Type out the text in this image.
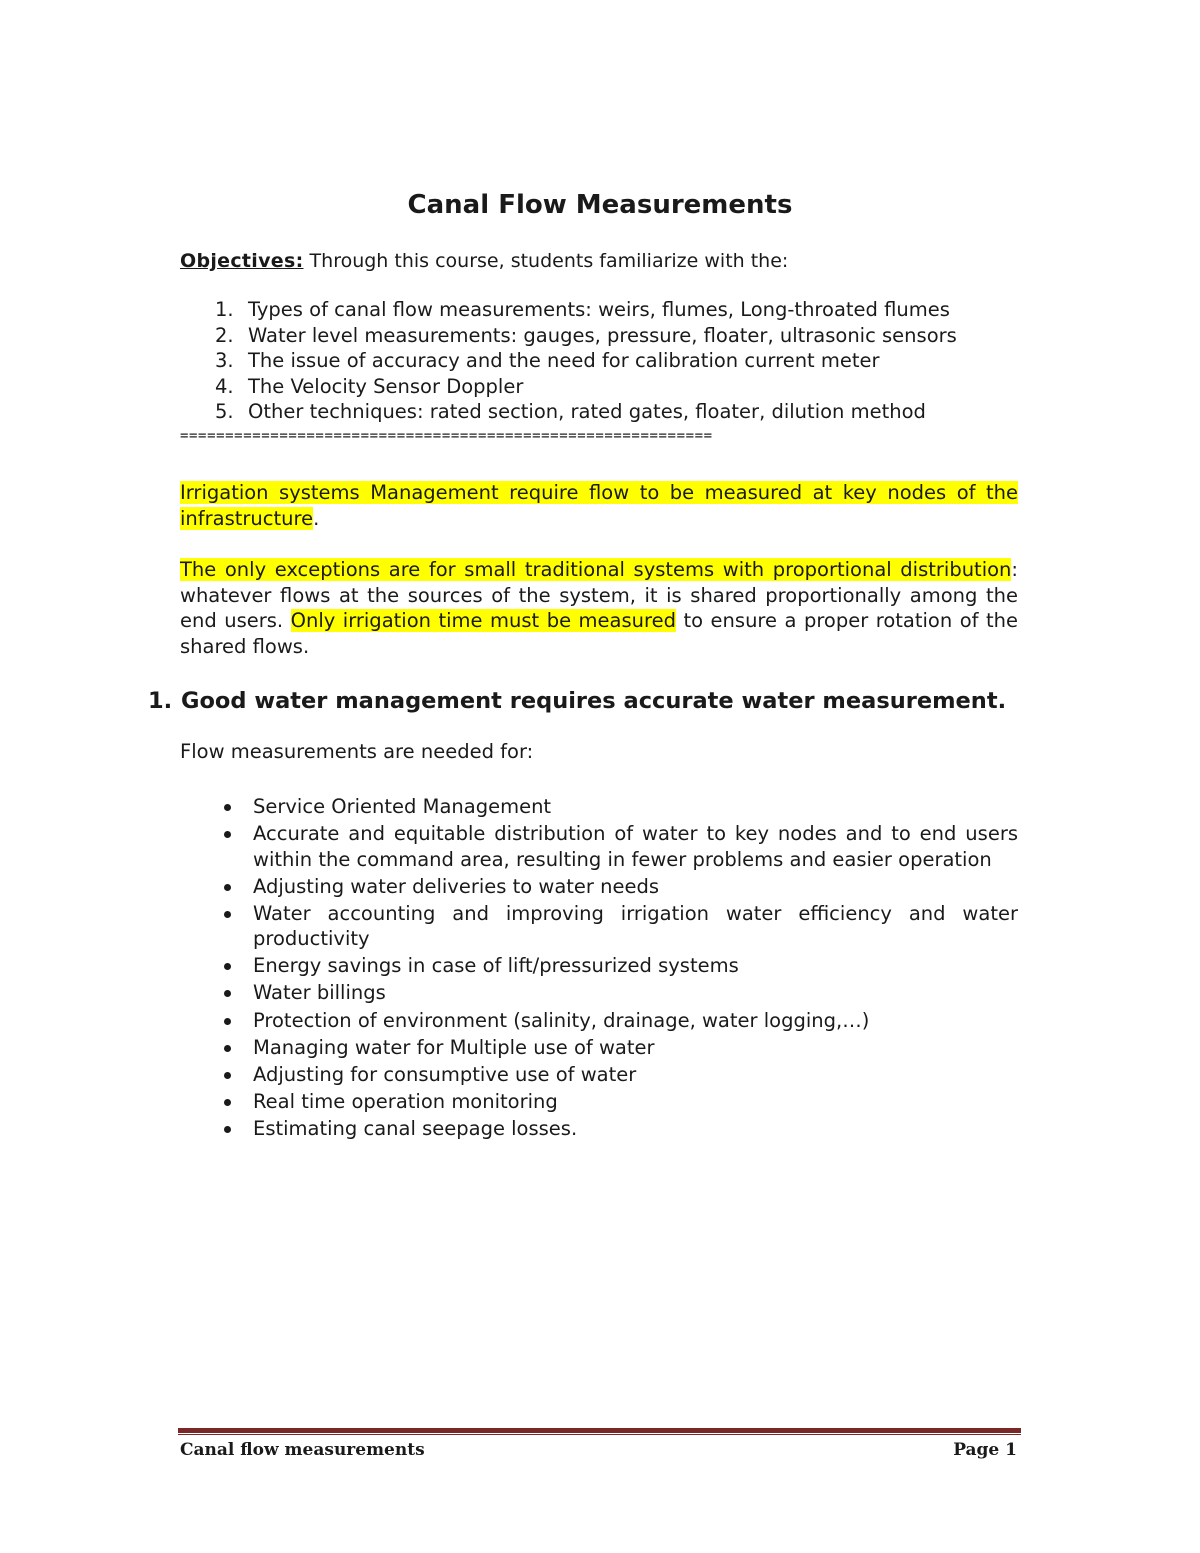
Canal Flow Measurements
Objectives: Through this course, students familiarize with the:
1. Types of canal flow measurements: weirs, flumes, Long-throated flumes
2. Water level measurements: gauges, pressure, floater, ultrasonic sensors
3. The issue of accuracy and the need for calibration current meter
4. The Velocity Sensor Doppler
5. Other techniques: rated section, rated gates, floater, dilution method
===========================================================
Irrigation systems Management require flow to be measured at key nodes of the infrastructure.
The only exceptions are for small traditional systems with proportional distribution: whatever flows at the sources of the system, it is shared proportionally among the end users. Only irrigation time must be measured to ensure a proper rotation of the shared flows.
1. Good water management requires accurate water measurement.
Flow measurements are needed for:
Service Oriented Management
Accurate and equitable distribution of water to key nodes and to end users within the command area, resulting in fewer problems and easier operation
Adjusting water deliveries to water needs
Water accounting and improving irrigation water efficiency and water productivity
Energy savings in case of lift/pressurized systems
Water billings
Protection of environment (salinity, drainage, water logging,…)
Managing water for Multiple use of water
Adjusting for consumptive use of water
Real time operation monitoring
Estimating canal seepage losses.
Canal flow measurements	Page 1
